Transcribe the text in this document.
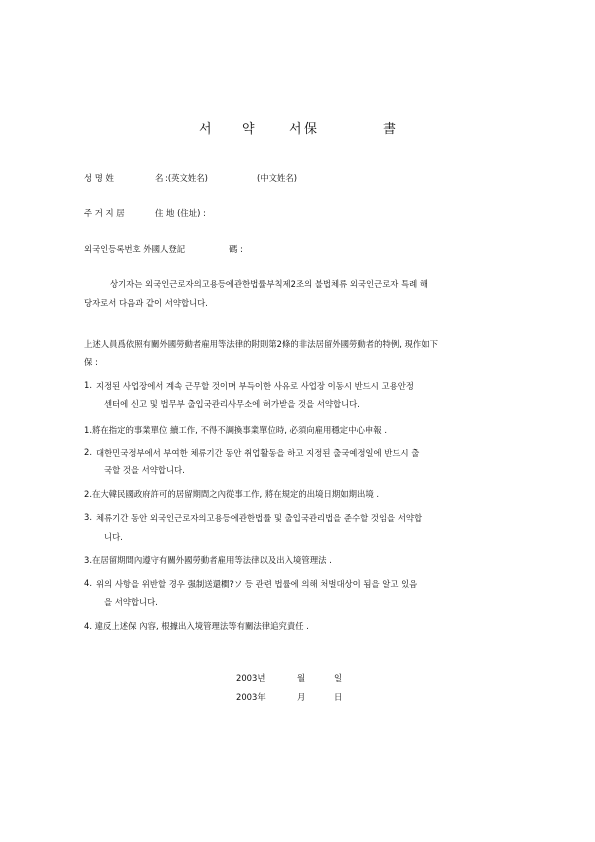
서 약	서 保	書
성 명 姓	名 :(英文姓名)	(中文姓名)
주 거 지 居	住 地 (住址) :
외국인등록번호 外國人登記	碼 :
상기자는 외국인근로자의고용등에관한법률부칙제2조의 불법체류 외국인근로자 특례 해
당자로서 다음과 같이 서약합니다.
上述人員爲依照有關外國勞動者雇用等法律的附則第2條的非法居留外國勞動者的特例, 現作如下
保 :
1. 지정된 사업장에서 계속 근무할 것이며 부득이한 사유로 사업장 이동시 반드시 고용안정
센터에 신고 및 법무부 출입국관리사무소에 허가받을 것을 서약합니다.
1.將在指定的事業單位 續工作, 不得不調換事業單位時, 必須向雇用穩定中心申報 .
2. 대한민국정부에서 부여한 체류기간 동안 취업활동을 하고 지정된 출국예정일에 반드시 출
국할 것을 서약합니다.
2.在大韓民國政府許可的居留期間之內從事工作, 將在規定的出境日期如期出境 .
3. 체류기간 동안 외국인근로자의고용등에관한법률 및 출입국관리법을 준수할 것임을 서약합
니다.
3.在居留期間內遵守有關外國勞動者雇用等法律以及出入境管理法 .
4. 위의 사항을 위반할 경우 强制送還橺?ソ 등 관련 법률에 의해 처벌대상이 됨을 알고 있음
을 서약합니다.
4. 違反上述保 內容, 根據出入境管理法等有關法律追究責任 .
2003년	월	일
2003年	月	日
